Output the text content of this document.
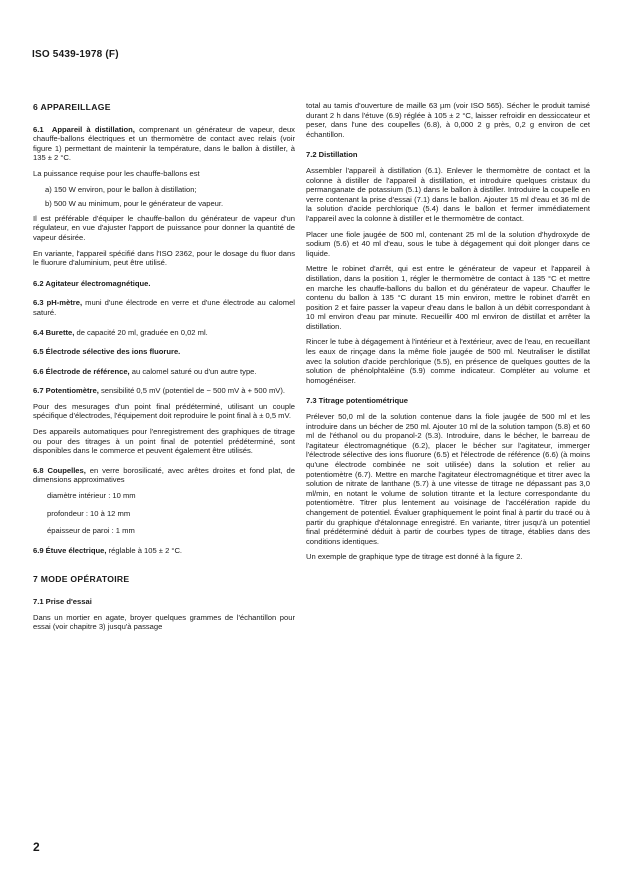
ISO 5439-1978 (F)
6 APPAREILLAGE

6.1 Appareil à distillation, comprenant un générateur de vapeur, deux chauffe-ballons électriques et un thermomètre de contact avec relais (voir figure 1) permettant de maintenir la température, dans le ballon à distiller, à 135 ± 2 °C.

La puissance requise pour les chauffe-ballons est

a) 150 W environ, pour le ballon à distillation;

b) 500 W au minimum, pour le générateur de vapeur.

Il est préférable d'équiper le chauffe-ballon du générateur de vapeur d'un régulateur, en vue d'ajuster l'apport de puissance pour donner la quantité de vapeur désirée.

En variante, l'appareil spécifié dans l'ISO 2362, pour le dosage du fluor dans le fluorure d'aluminium, peut être utilisé.

6.2 Agitateur électromagnétique.

6.3 pH-mètre, muni d'une électrode en verre et d'une électrode au calomel saturé.

6.4 Burette, de capacité 20 ml, graduée en 0,02 ml.

6.5 Électrode sélective des ions fluorure.

6.6 Électrode de référence, au calomel saturé ou d'un autre type.

6.7 Potentiomètre, sensibilité 0,5 mV (potentiel de − 500 mV à + 500 mV).

Pour des mesurages d'un point final prédéterminé, utilisant un couple spécifique d'électrodes, l'équipement doit reproduire le point final à ± 0,5 mV.

Des appareils automatiques pour l'enregistrement des graphiques de titrage ou pour des titrages à un point final de potentiel prédéterminé, sont disponibles dans le commerce et peuvent également être utilisés.

6.8 Coupelles, en verre borosilicaté, avec arêtes droites et fond plat, de dimensions approximatives

diamètre intérieur : 10 mm

profondeur : 10 à 12 mm

épaisseur de paroi : 1 mm

6.9 Étuve électrique, réglable à 105 ± 2 °C.

7 MODE OPÉRATOIRE

7.1 Prise d'essai

Dans un mortier en agate, broyer quelques grammes de l'échantillon pour essai (voir chapitre 3) jusqu'à passage

total au tamis d'ouverture de maille 63 µm (voir ISO 565). Sécher le produit tamisé durant 2 h dans l'étuve (6.9) réglée à 105 ± 2 °C, laisser refroidir en dessiccateur et peser, dans l'une des coupelles (6.8), à 0,000 2 g près, 0,2 g environ de cet échantillon.

7.2 Distillation

Assembler l'appareil à distillation (6.1). Enlever le thermomètre de contact et la colonne à distiller de l'appareil à distillation, et introduire quelques cristaux du permanganate de potassium (5.1) dans le ballon à distiller. Introduire la coupelle en verre contenant la prise d'essai (7.1) dans le ballon. Ajouter 15 ml d'eau et 36 ml de la solution d'acide perchlorique (5.4) dans le ballon et fermer immédiatement l'appareil avec la colonne à distiller et le thermomètre de contact.

Placer une fiole jaugée de 500 ml, contenant 25 ml de la solution d'hydroxyde de sodium (5.6) et 40 ml d'eau, sous le tube à dégagement qui doit plonger dans ce liquide.

Mettre le robinet d'arrêt, qui est entre le générateur de vapeur et l'appareil à distillation, dans la position 1, régler le thermomètre de contact à 135 °C et mettre en marche les chauffe-ballons du ballon et du générateur de vapeur. Chauffer le contenu du ballon à 135 °C durant 15 min environ, mettre le robinet d'arrêt en position 2 et faire passer la vapeur d'eau dans le ballon à un débit correspondant à 10 ml environ d'eau par minute. Recueillir 400 ml environ de distillat et arrêter la distillation.

Rincer le tube à dégagement à l'intérieur et à l'extérieur, avec de l'eau, en recueillant les eaux de rinçage dans la même fiole jaugée de 500 ml. Neutraliser le distillat avec la solution d'acide perchlorique (5.5), en présence de quelques gouttes de la solution de phénolphtaléine (5.9) comme indicateur. Compléter au volume et homogénéiser.

7.3 Titrage potentiométrique

Prélever 50,0 ml de la solution contenue dans la fiole jaugée de 500 ml et les introduire dans un bécher de 250 ml. Ajouter 10 ml de la solution tampon (5.8) et 60 ml de l'éthanol ou du propanol-2 (5.3). Introduire, dans le bécher, le barreau de l'agitateur électromagnétique (6.2), placer le bécher sur l'agitateur, immerger l'électrode sélective des ions fluorure (6.5) et l'électrode de référence (6.6) (à moins qu'une électrode combinée ne soit utilisée) dans la solution et relier au potentiomètre (6.7). Mettre en marche l'agitateur électromagnétique et titrer avec la solution de nitrate de lanthane (5.7) à une vitesse de titrage ne dépassant pas 3,0 ml/min, en notant le volume de solution titrante et la lecture correspondante du potentiomètre. Titrer plus lentement au voisinage de l'accélération rapide du changement de potentiel. Évaluer graphiquement le point final à partir du tracé ou à partir du graphique d'étalonnage enregistré. En variante, titrer jusqu'à un potentiel final prédéterminé déduit à partir de courbes types de titrage, établies dans des conditions identiques.

Un exemple de graphique type de titrage est donné à la figure 2.

2
